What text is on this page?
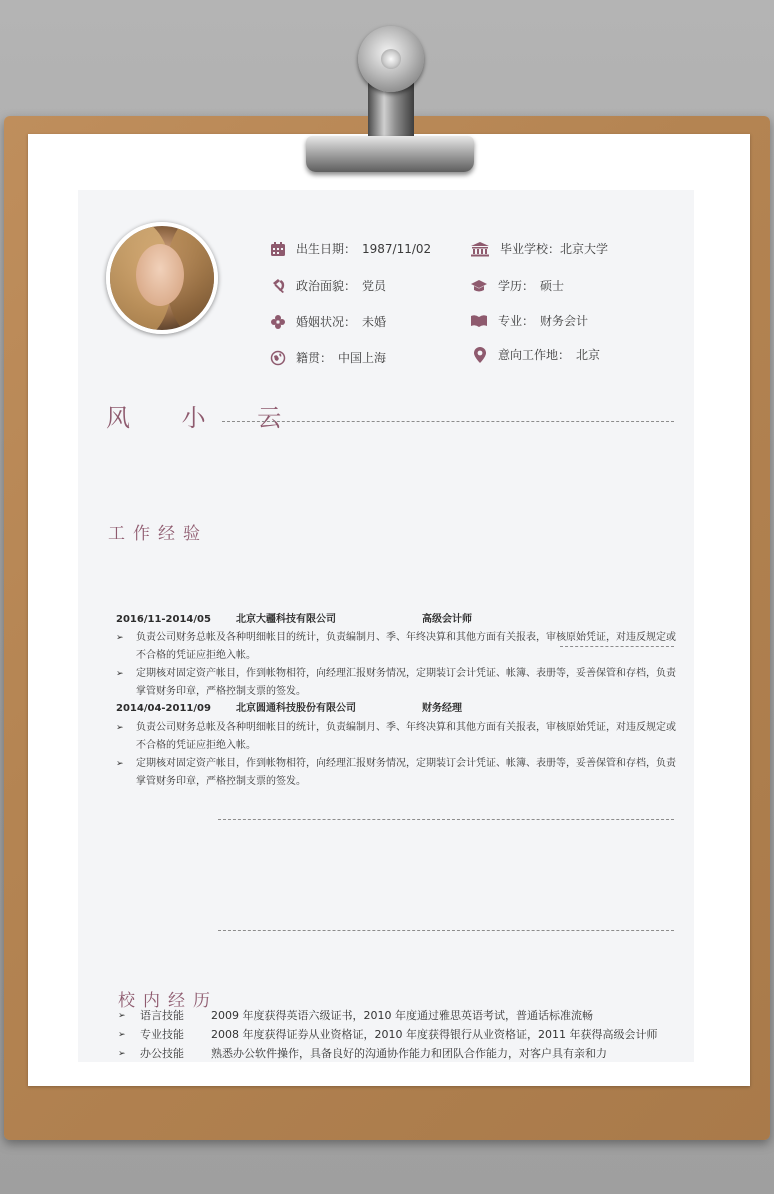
出生日期： 1987/11/02
政治面貌： 党员
婚姻状况： 未婚
籍贯： 中国上海
毕业学校： 北京大学
学历： 硕士
专业： 财务会计
意向工作地： 北京
风 小 云
工作经验
2016/11-2014/05	北京大疆科技有限公司	高级会计师
➢ 负责公司财务总帐及各种明细帐目的统计，负责编制月、季、年终决算和其他方面有关报表，审核原始凭证，对违反规定或不合格的凭证应拒绝入帐。
➢ 定期核对固定资产帐目，作到帐物相符，向经理汇报财务情况，定期装订会计凭证、帐簿、表册等，妥善保管和存档，负责掌管财务印章，严格控制支票的签发。
2014/04-2011/09	北京圆通科技股份有限公司	财务经理
➢ 负责公司财务总帐及各种明细帐目的统计，负责编制月、季、年终决算和其他方面有关报表，审核原始凭证，对违反规定或不合格的凭证应拒绝入帐。
➢ 定期核对固定资产帐目，作到帐物相符，向经理汇报财务情况，定期装订会计凭证、帐簿、表册等，妥善保管和存档，负责掌管财务印章，严格控制支票的签发。
校内经历
➢ 语言技能 2009 年度获得英语六级证书，2010 年度通过雅思英语考试，普通话标准流畅
➢ 专业技能 2008 年度获得证券从业资格证，2010 年度获得银行从业资格证，2011 年获得高级会计师
➢ 办公技能 熟悉办公软件操作，具备良好的沟通协作能力和团队合作能力，对客户具有亲和力
